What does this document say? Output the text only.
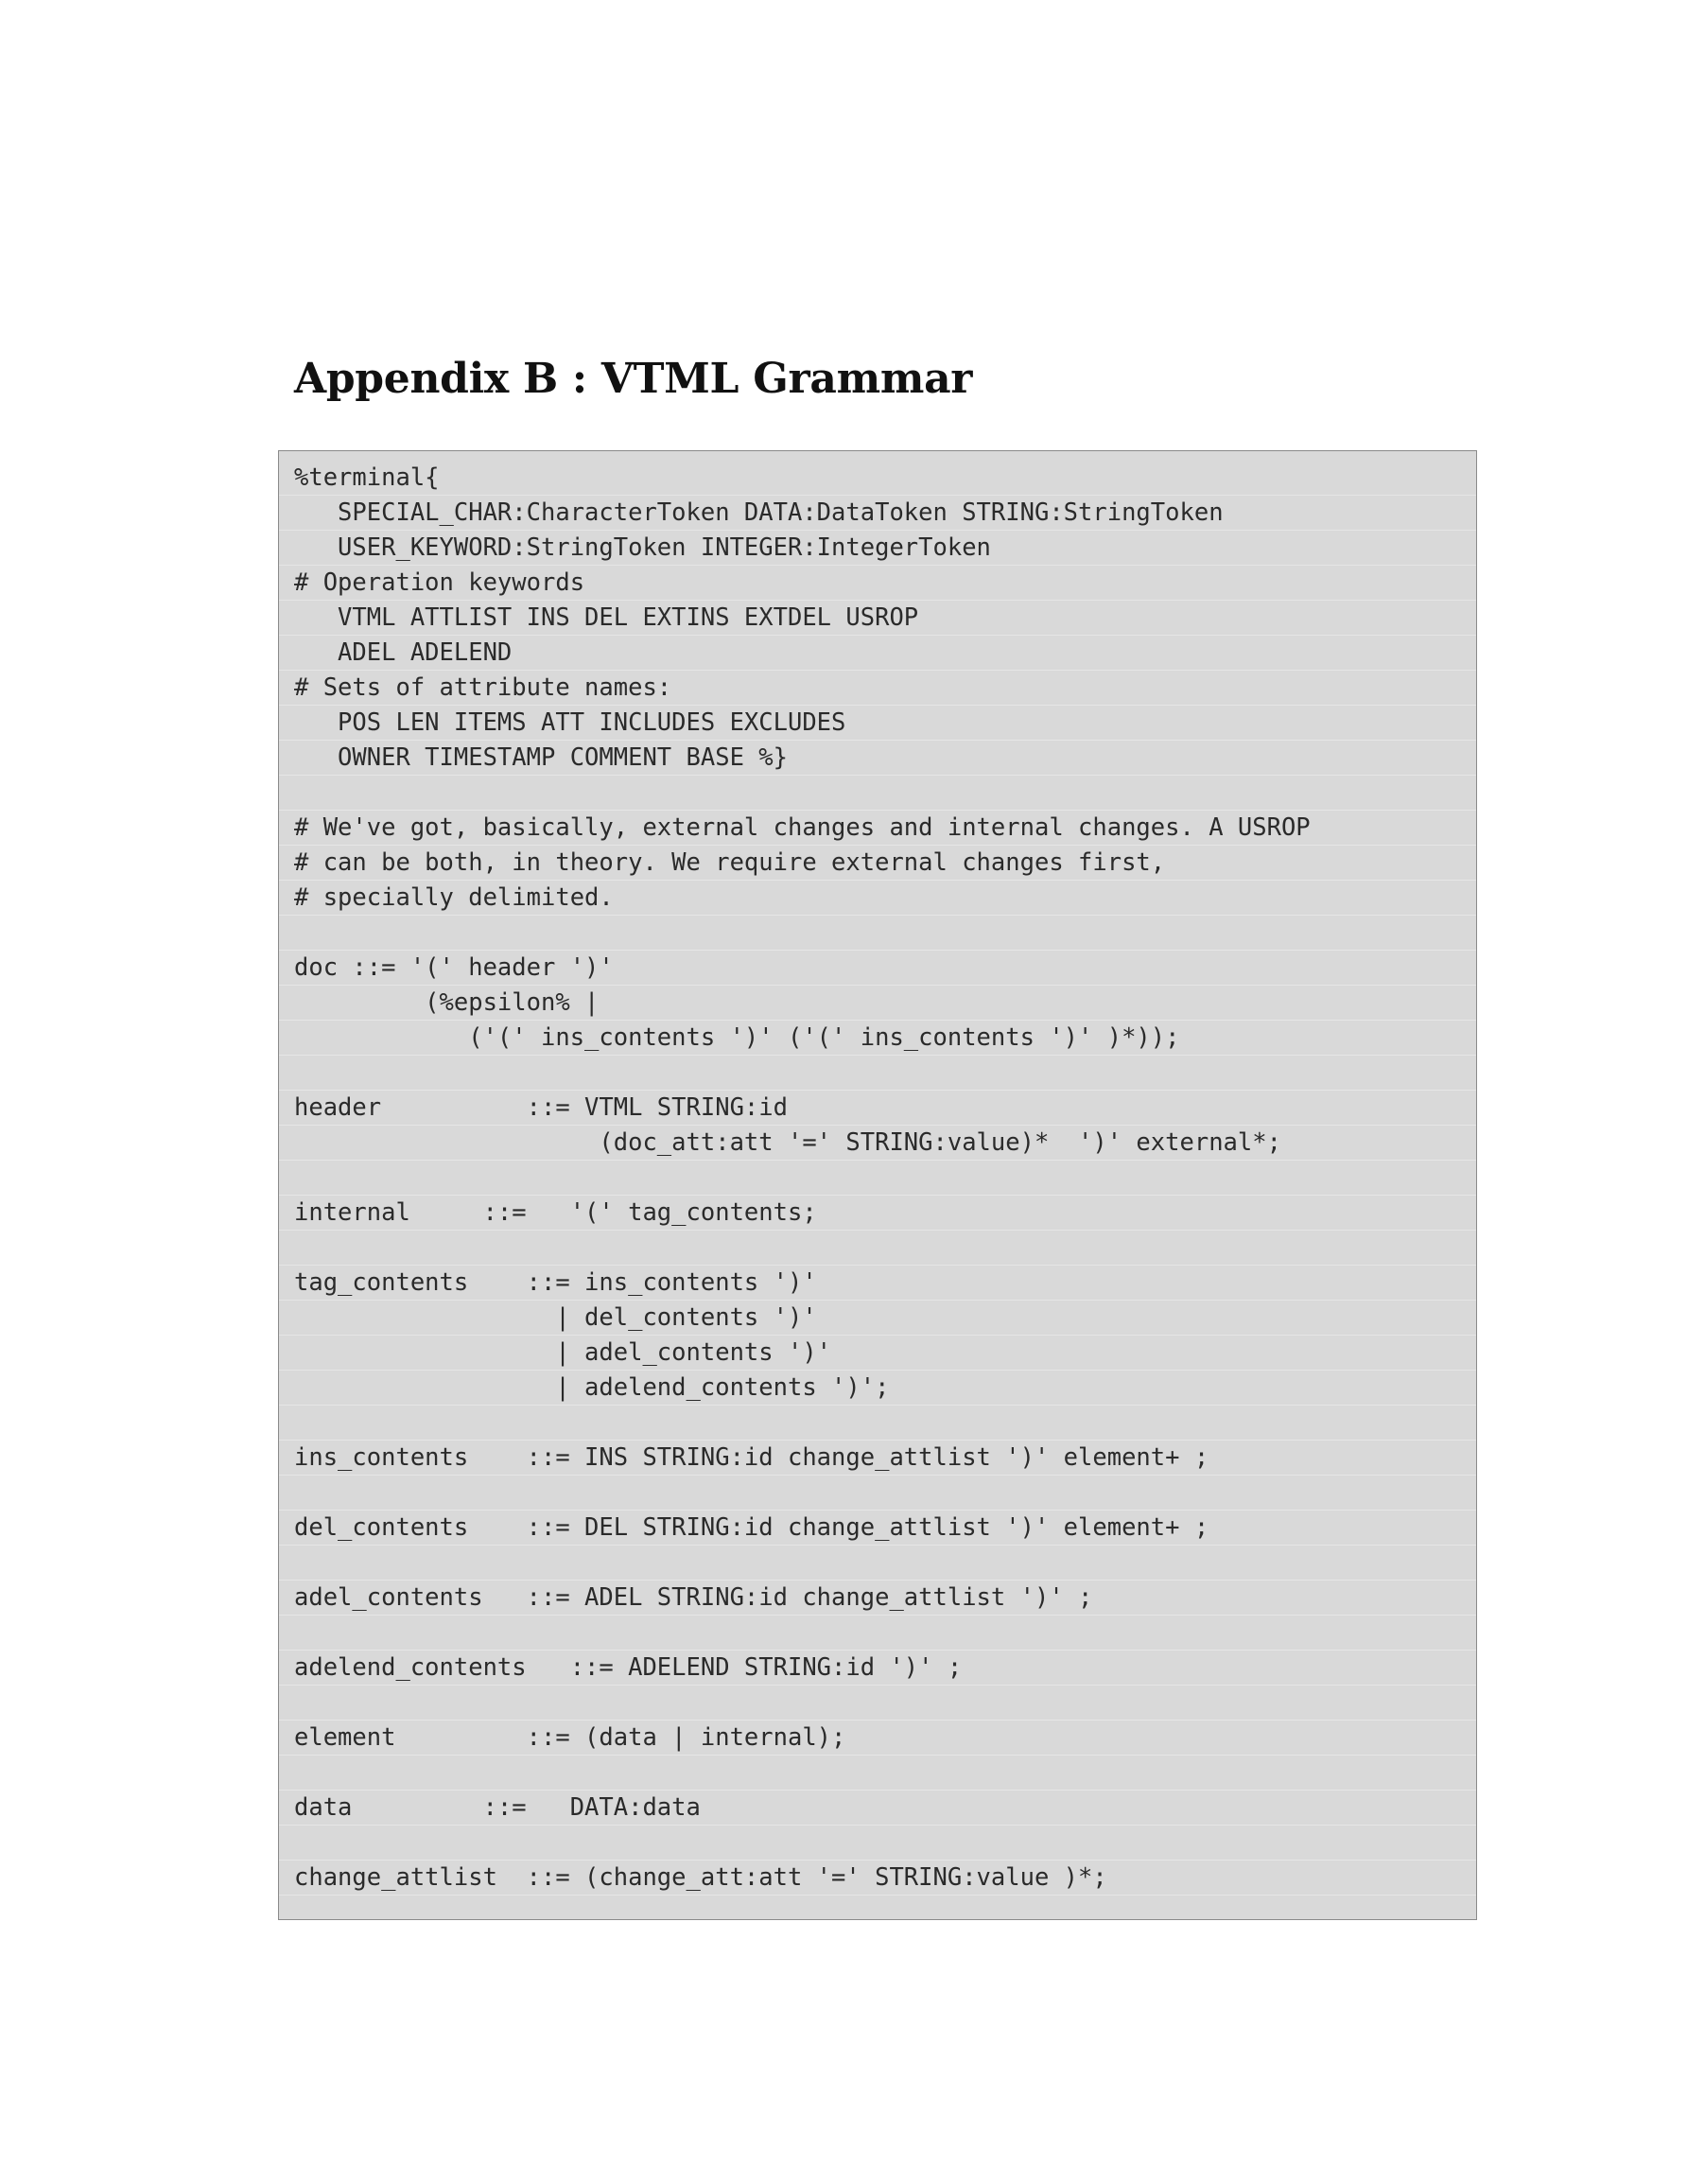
Appendix B : VTML Grammar
%terminal{
SPECIAL_CHAR:CharacterToken DATA:DataToken STRING:StringToken
USER_KEYWORD:StringToken INTEGER:IntegerToken
# Operation keywords
VTML ATTLIST INS DEL EXTINS EXTDEL USROP
ADEL ADELEND
# Sets of attribute names:
POS LEN ITEMS ATT INCLUDES EXCLUDES
OWNER TIMESTAMP COMMENT BASE %}
# We've got, basically, external changes and internal changes. A USROP
# can be both, in theory. We require external changes first,
# specially delimited.
doc ::= '(' header ')'
(%epsilon% |
('(' ins_contents ')' ('(' ins_contents ')' )*));
header          ::= VTML STRING:id
(doc_att:att '=' STRING:value)*  ')' external*;
internal     ::=   '(' tag_contents;
tag_contents    ::= ins_contents ')'
| del_contents ')'
| adel_contents ')'
| adelend_contents ')';
ins_contents    ::= INS STRING:id change_attlist ')' element+ ;
del_contents    ::= DEL STRING:id change_attlist ')' element+ ;
adel_contents   ::= ADEL STRING:id change_attlist ')' ;
adelend_contents   ::= ADELEND STRING:id ')' ;
element         ::= (data | internal);
data         ::=   DATA:data
change_attlist  ::= (change_att:att '=' STRING:value )*;
